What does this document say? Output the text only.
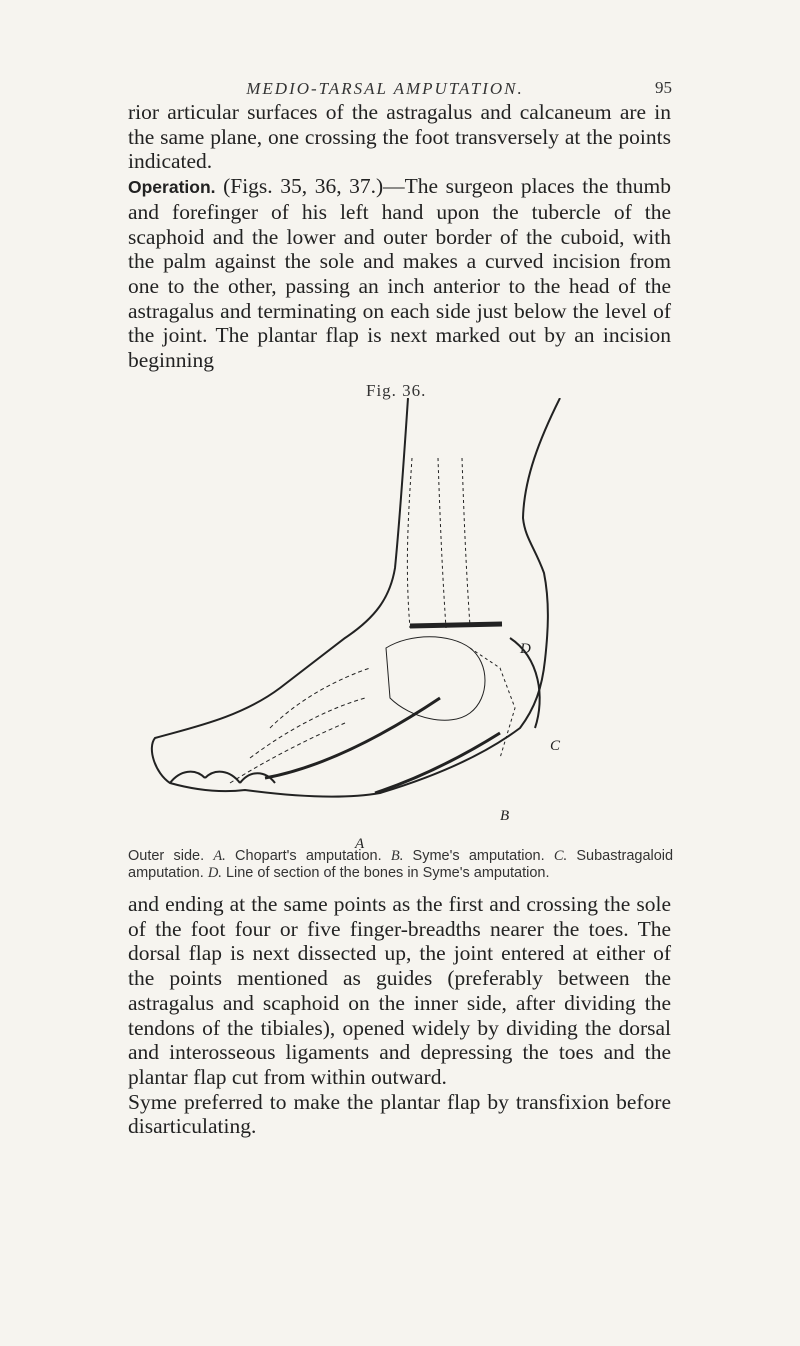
MEDIO-TARSAL AMPUTATION.	95

rior articular surfaces of the astragalus and calcaneum are in the same plane, one crossing the foot transversely at the points indicated.
Operation. (Figs. 35, 36, 37.)—The surgeon places the thumb and forefinger of his left hand upon the tubercle of the scaphoid and the lower and outer border of the cuboid, with the palm against the sole and makes a curved incision from one to the other, passing an inch anterior to the head of the astragalus and terminating on each side just below the level of the joint. The plantar flap is next marked out by an incision beginning

Fig. 36.
D
C
B
A
Outer side. A. Chopart's amputation. B. Syme's amputation. C. Subastragaloid amputation. D. Line of section of the bones in Syme's amputation.

and ending at the same points as the first and crossing the sole of the foot four or five finger-breadths nearer the toes. The dorsal flap is next dissected up, the joint entered at either of the points mentioned as guides (preferably between the astragalus and scaphoid on the inner side, after dividing the tendons of the tibiales), opened widely by dividing the dorsal and interosseous ligaments and depressing the toes and the plantar flap cut from within outward.
Syme preferred to make the plantar flap by transfixion before disarticulating.
